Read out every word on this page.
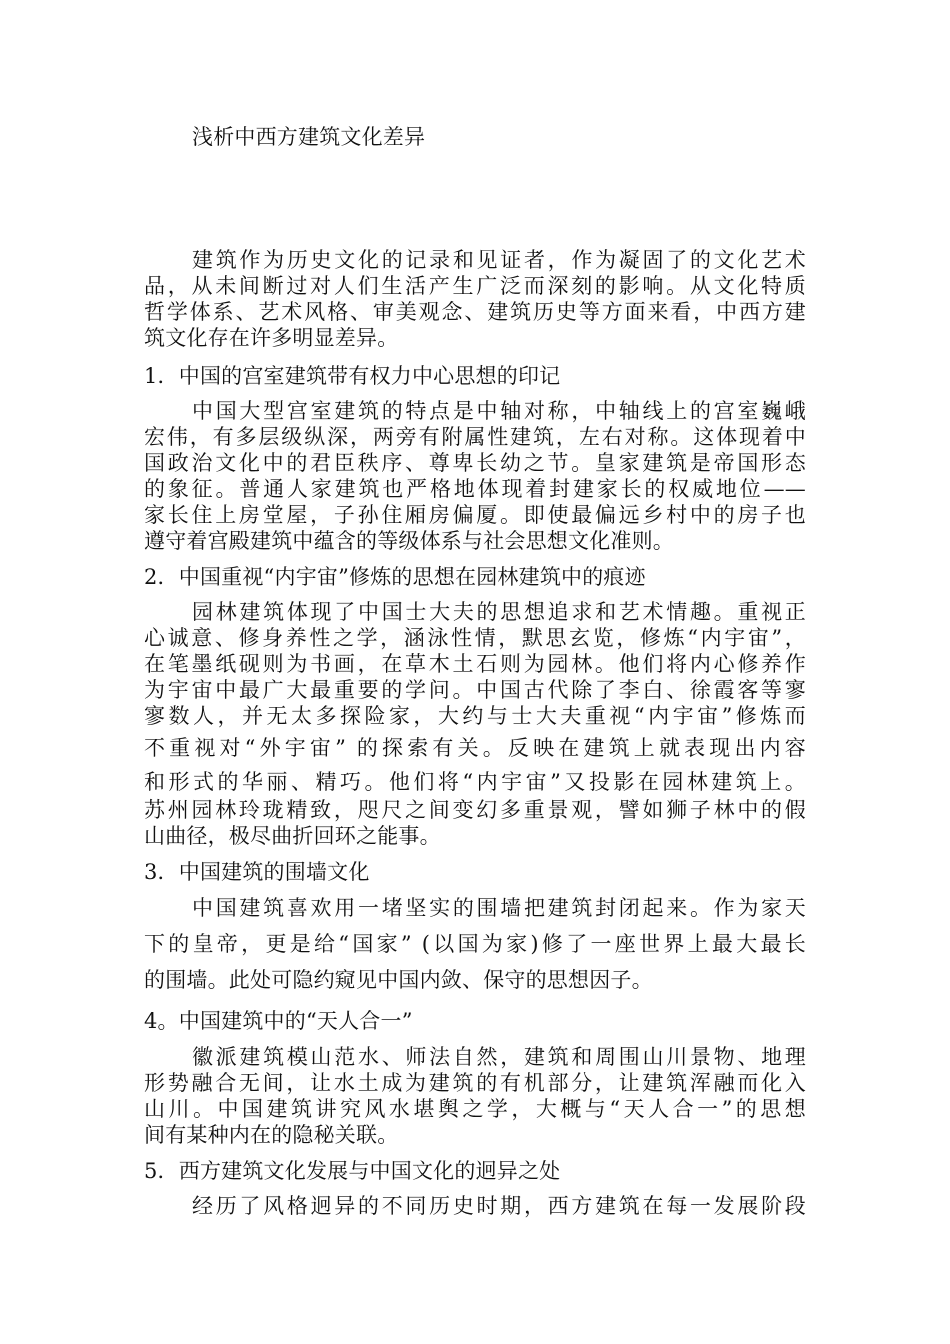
浅析中西方建筑文化差异
建筑作为历史文化的记录和见证者，作为凝固了的文化艺术
品，从未间断过对人们生活产生广泛而深刻的影响。从文化特质
哲学体系、艺术风格、审美观念、建筑历史等方面来看，中西方建
筑文化存在许多明显差异。
1．中国的宫室建筑带有权力中心思想的印记
中国大型宫室建筑的特点是中轴对称，中轴线上的宫室巍峨
宏伟，有多层级纵深，两旁有附属性建筑，左右对称。这体现着中
国政治文化中的君臣秩序、尊卑长幼之节。皇家建筑是帝国形态
的象征。普通人家建筑也严格地体现着封建家长的权威地位——
家长住上房堂屋，子孙住厢房偏厦。即使最偏远乡村中的房子也
遵守着宫殿建筑中蕴含的等级体系与社会思想文化准则。
2．中国重视“内宇宙”修炼的思想在园林建筑中的痕迹
园林建筑体现了中国士大夫的思想追求和艺术情趣。重视正
心诚意、修身养性之学，涵泳性情，默思玄览，修炼“内宇宙”，
在笔墨纸砚则为书画，在草木土石则为园林。他们将内心修养作
为宇宙中最广大最重要的学问。中国古代除了李白、徐霞客等寥
寥数人，并无太多探险家，大约与士大夫重视“内宇宙”修炼而
不重视对“外宇宙” 的探索有关。反映在建筑上就表现出内容
和形式的华丽、精巧。他们将“内宇宙”又投影在园林建筑上。
苏州园林玲珑精致，咫尺之间变幻多重景观，譬如狮子林中的假
山曲径，极尽曲折回环之能事。
3．中国建筑的围墙文化
中国建筑喜欢用一堵坚实的围墙把建筑封闭起来。作为家天
下的皇帝，更是给“国家” (以国为家)修了一座世界上最大最长
的围墙。此处可隐约窥见中国内敛、保守的思想因子。
4。中国建筑中的“天人合一”
徽派建筑模山范水、师法自然，建筑和周围山川景物、地理
形势融合无间，让水土成为建筑的有机部分，让建筑浑融而化入
山川。中国建筑讲究风水堪舆之学，大概与“天人合一”的思想
间有某种内在的隐秘关联。
5．西方建筑文化发展与中国文化的迥异之处
经历了风格迥异的不同历史时期，西方建筑在每一发展阶段
